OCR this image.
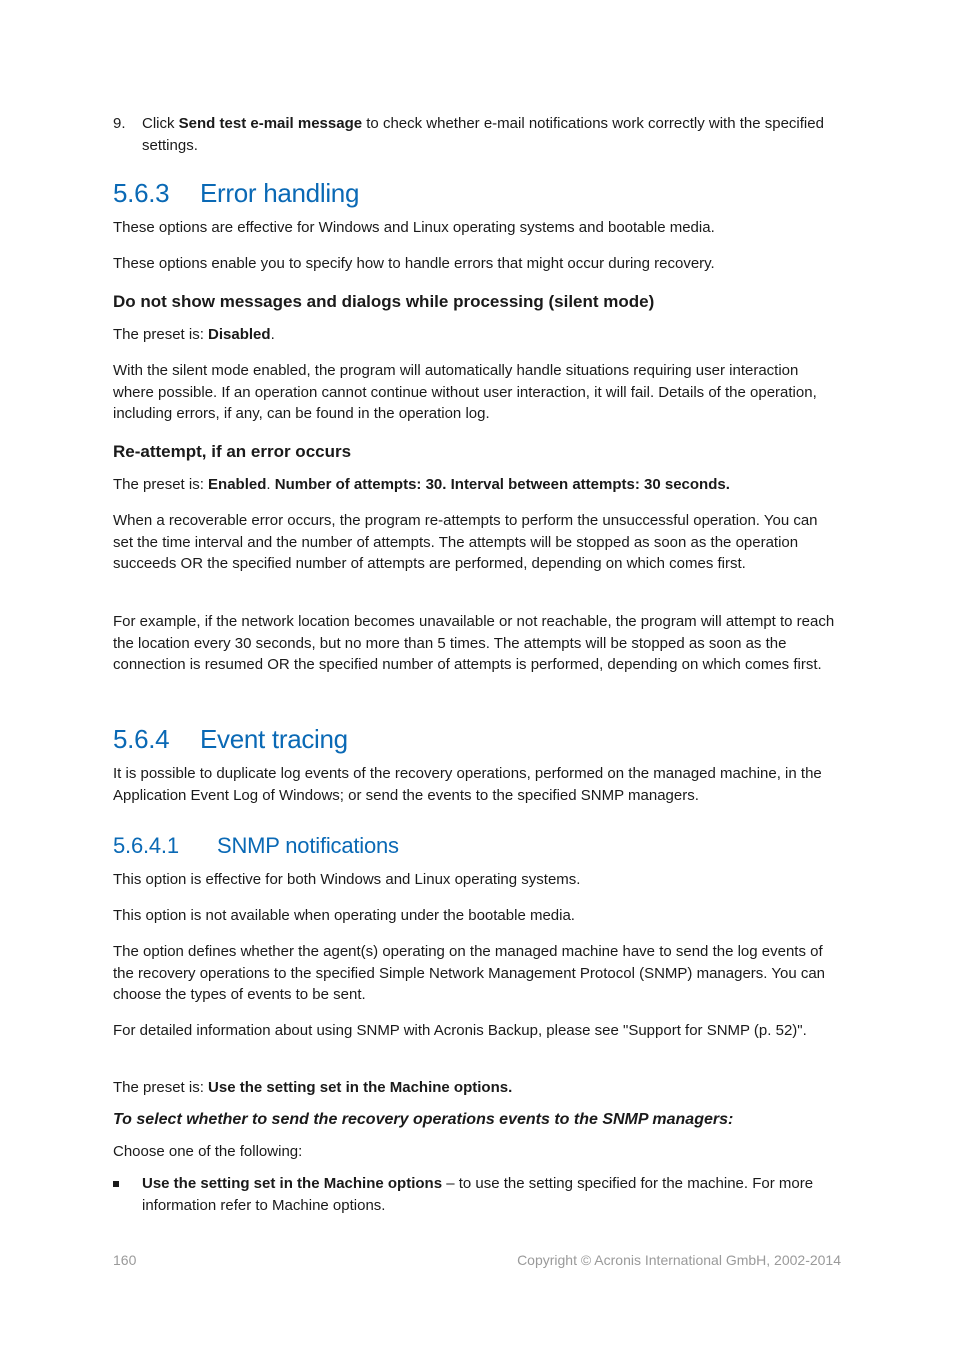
9.	Click Send test e-mail message to check whether e-mail notifications work correctly with the specified settings.

5.6.3 Error handling

These options are effective for Windows and Linux operating systems and bootable media.

These options enable you to specify how to handle errors that might occur during recovery.

Do not show messages and dialogs while processing (silent mode)

The preset is: Disabled.

With the silent mode enabled, the program will automatically handle situations requiring user interaction where possible. If an operation cannot continue without user interaction, it will fail. Details of the operation, including errors, if any, can be found in the operation log.

Re-attempt, if an error occurs

The preset is: Enabled. Number of attempts: 30. Interval between attempts: 30 seconds.

When a recoverable error occurs, the program re-attempts to perform the unsuccessful operation. You can set the time interval and the number of attempts. The attempts will be stopped as soon as the operation succeeds OR the specified number of attempts are performed, depending on which comes first.

For example, if the network location becomes unavailable or not reachable, the program will attempt to reach the location every 30 seconds, but no more than 5 times. The attempts will be stopped as soon as the connection is resumed OR the specified number of attempts is performed, depending on which comes first.

5.6.4 Event tracing

It is possible to duplicate log events of the recovery operations, performed on the managed machine, in the Application Event Log of Windows; or send the events to the specified SNMP managers.

5.6.4.1 SNMP notifications

This option is effective for both Windows and Linux operating systems.

This option is not available when operating under the bootable media.

The option defines whether the agent(s) operating on the managed machine have to send the log events of the recovery operations to the specified Simple Network Management Protocol (SNMP) managers. You can choose the types of events to be sent.

For detailed information about using SNMP with Acronis Backup, please see "Support for SNMP (p. 52)".

The preset is: Use the setting set in the Machine options.

To select whether to send the recovery operations events to the SNMP managers:

Choose one of the following:

Use the setting set in the Machine options – to use the setting specified for the machine. For more information refer to Machine options.

160	Copyright © Acronis International GmbH, 2002-2014
